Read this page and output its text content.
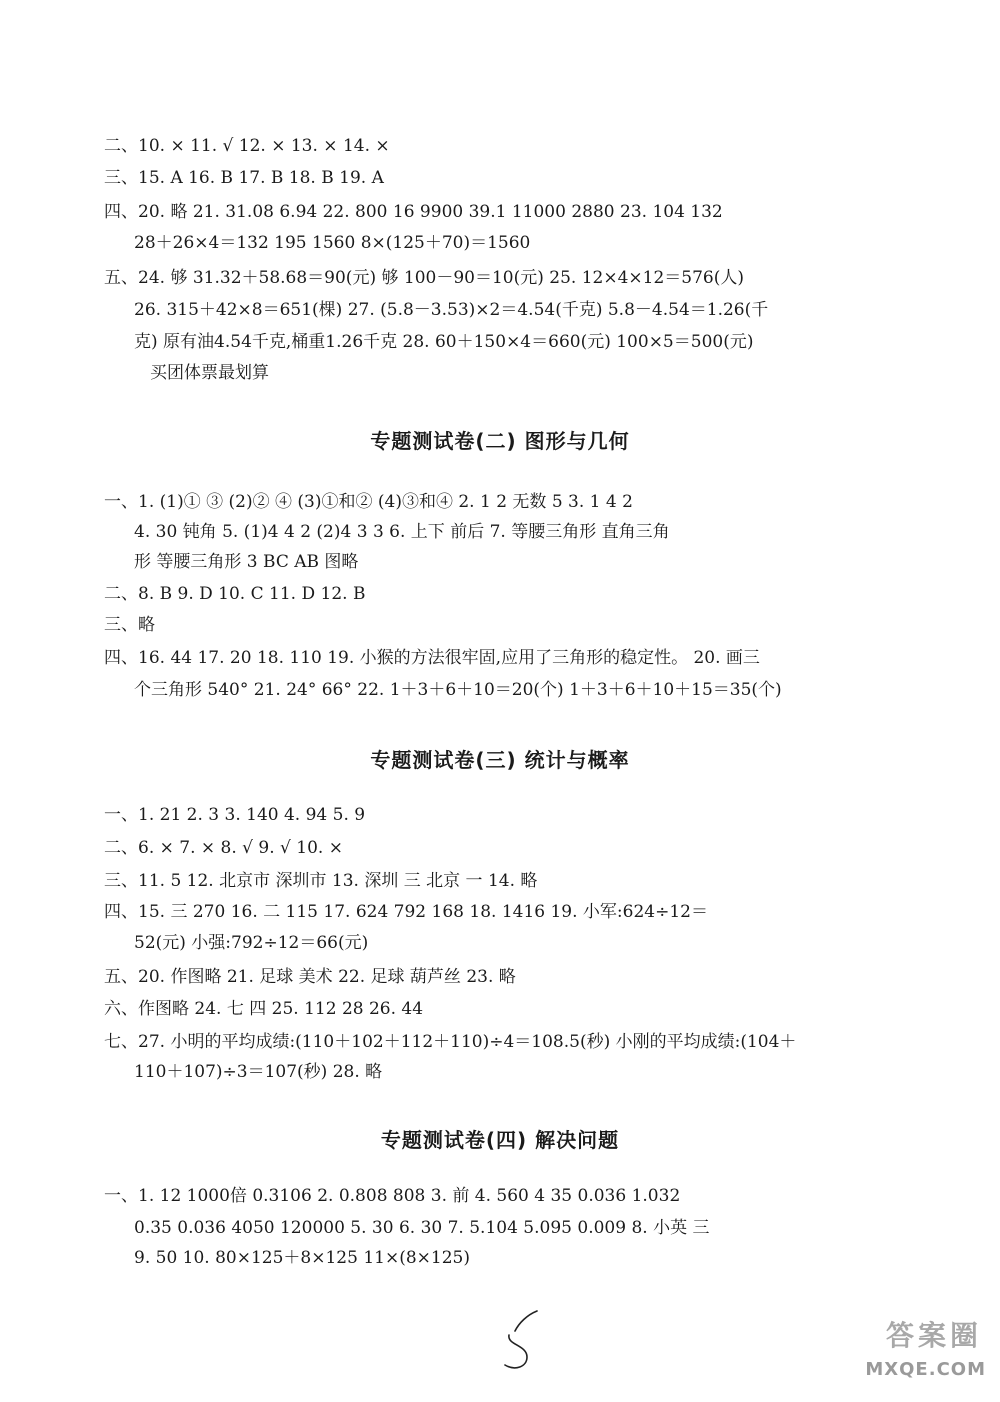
二、10. × 11. √ 12. × 13. × 14. ×
三、15. A 16. B 17. B 18. B 19. A
四、20. 略 21. 31.08 6.94 22. 800 16 9900 39.1 11000 2880 23. 104 132
28＋26×4＝132 195 1560 8×(125＋70)＝1560
五、24. 够 31.32＋58.68＝90(元) 够 100－90＝10(元) 25. 12×4×12＝576(人)
26. 315＋42×8＝651(棵) 27. (5.8－3.53)×2＝4.54(千克) 5.8－4.54＝1.26(千
克) 原有油4.54千克,桶重1.26千克 28. 60＋150×4＝660(元) 100×5＝500(元)
买团体票最划算
专题测试卷(二) 图形与几何
一、1. (1)① ③ (2)② ④ (3)①和② (4)③和④ 2. 1 2 无数 5 3. 1 4 2
4. 30 钝角 5. (1)4 4 2 (2)4 3 3 6. 上下 前后 7. 等腰三角形 直角三角
形 等腰三角形 3 BC AB 图略
二、8. B 9. D 10. C 11. D 12. B
三、略
四、16. 44 17. 20 18. 110 19. 小猴的方法很牢固,应用了三角形的稳定性。 20. 画三
个三角形 540° 21. 24° 66° 22. 1＋3＋6＋10＝20(个) 1＋3＋6＋10＋15＝35(个)
专题测试卷(三) 统计与概率
一、1. 21 2. 3 3. 140 4. 94 5. 9
二、6. × 7. × 8. √ 9. √ 10. ×
三、11. 5 12. 北京市 深圳市 13. 深圳 三 北京 一 14. 略
四、15. 三 270 16. 二 115 17. 624 792 168 18. 1416 19. 小军:624÷12＝
52(元) 小强:792÷12＝66(元)
五、20. 作图略 21. 足球 美术 22. 足球 葫芦丝 23. 略
六、作图略 24. 七 四 25. 112 28 26. 44
七、27. 小明的平均成绩:(110＋102＋112＋110)÷4＝108.5(秒) 小刚的平均成绩:(104＋
110＋107)÷3＝107(秒) 28. 略
专题测试卷(四) 解决问题
一、1. 12 1000倍 0.3106 2. 0.808 808 3. 前 4. 560 4 35 0.036 1.032
0.35 0.036 4050 120000 5. 30 6. 30 7. 5.104 5.095 0.009 8. 小英 三
9. 50 10. 80×125＋8×125 11×(8×125)
答案圈
MXQE.COM
